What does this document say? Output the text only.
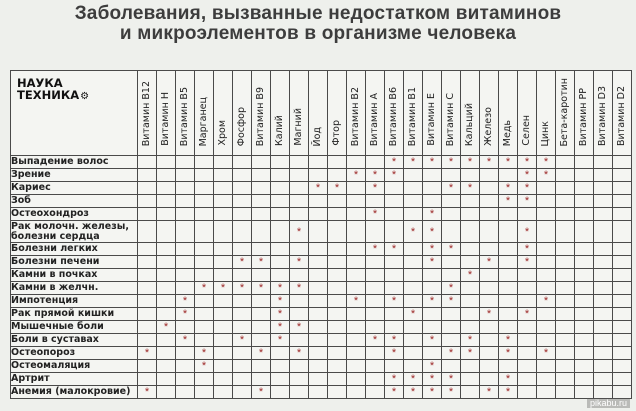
Заболевания, вызванные недостатком витаминов
и микроэлементов в организме человека
НАУКА
ТЕХНИКА⚙	Витамин B12	Витамин H	Витамин B5	Марганец	Хром	Фосфор	Витамин B9	Калий	Магний	Йод	Фтор	Витамин B2	Витамин A	Витамин B6	Витамин B1	Витамин E	Витамин C	Кальций	Железо	Медь	Селен	Цинк	Бета-каротин	Витамин PP	Витамин D3	Витамин D2

Выпадение волос														*	*	*	*	*	*	*	*	*				

Зрение												*	*	*							*	*				

Кариес										*	*		*				*	*		*	*					

Зоб																				*	*					

Остеохондроз													*			*										

Рак молочн. железы,
болезни сердца									*						*	*					*					

Болезни легких													*	*		*	*				*					

Болезни печени						*	*		*							*			*		*					

Камни в почках																		*								

Камни в желчн.				*	*	*	*	*	*								*									

Импотенция			*					*				*		*		*	*					*				

Рак прямой кишки			*					*							*				*		*					

Мышечные боли		*						*	*																	

Боли в суставах			*			*		*					*	*		*		*		*						

Остеопороз	*			*			*		*					*			*	*		*		*				

Остеомаляция				*												*										

Артрит														*	*	*	*			*						

Анемия (малокровие)	*						*							*	*	*	*		*	*						
pikabu.ru
